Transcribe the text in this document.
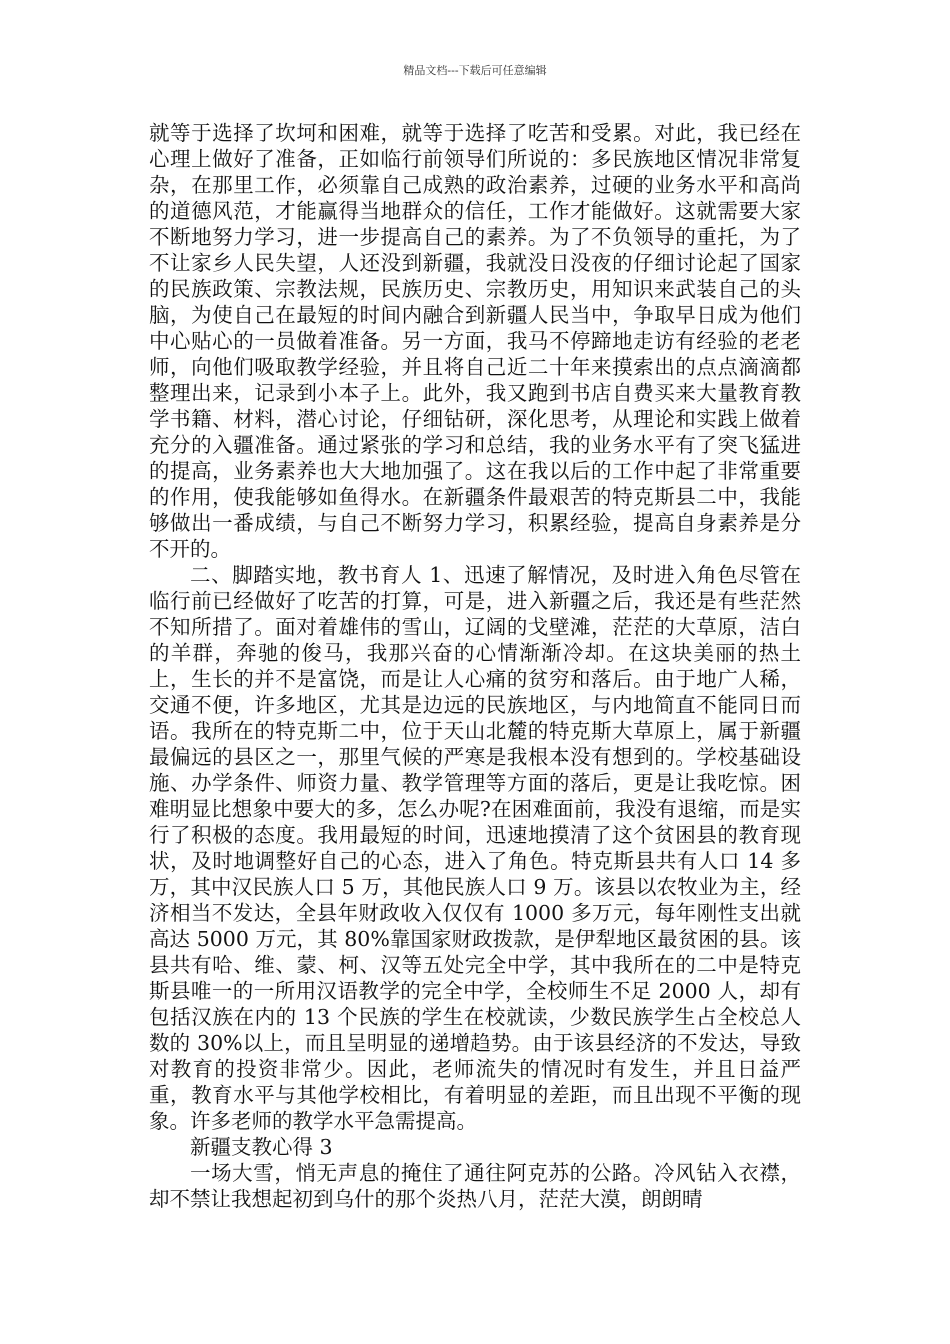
精品文档---下载后可任意编辑

就等于选择了坎坷和困难，就等于选择了吃苦和受累。对此，我已经在心理上做好了准备，正如临行前领导们所说的：多民族地区情况非常复杂，在那里工作，必须靠自己成熟的政治素养，过硬的业务水平和高尚的道德风范，才能赢得当地群众的信任，工作才能做好。这就需要大家不断地努力学习，进一步提高自己的素养。为了不负领导的重托，为了不让家乡人民失望，人还没到新疆，我就没日没夜的仔细讨论起了国家的民族政策、宗教法规，民族历史、宗教历史，用知识来武装自己的头脑，为使自己在最短的时间内融合到新疆人民当中，争取早日成为他们中心贴心的一员做着准备。另一方面，我马不停蹄地走访有经验的老老师，向他们吸取教学经验，并且将自己近二十年来摸索出的点点滴滴都整理出来，记录到小本子上。此外，我又跑到书店自费买来大量教育教学书籍、材料，潜心讨论，仔细钻研，深化思考，从理论和实践上做着充分的入疆准备。通过紧张的学习和总结，我的业务水平有了突飞猛进的提高，业务素养也大大地加强了。这在我以后的工作中起了非常重要的作用，使我能够如鱼得水。在新疆条件最艰苦的特克斯县二中，我能够做出一番成绩，与自己不断努力学习，积累经验，提高自身素养是分不开的。

二、脚踏实地，教书育人 1、迅速了解情况，及时进入角色尽管在临行前已经做好了吃苦的打算，可是，进入新疆之后，我还是有些茫然不知所措了。面对着雄伟的雪山，辽阔的戈壁滩，茫茫的大草原，洁白的羊群，奔驰的俊马，我那兴奋的心情渐渐冷却。在这块美丽的热土上，生长的并不是富饶，而是让人心痛的贫穷和落后。由于地广人稀，交通不便，许多地区，尤其是边远的民族地区，与内地简直不能同日而语。我所在的特克斯二中，位于天山北麓的特克斯大草原上，属于新疆最偏远的县区之一，那里气候的严寒是我根本没有想到的。学校基础设施、办学条件、师资力量、教学管理等方面的落后，更是让我吃惊。困难明显比想象中要大的多，怎么办呢?在困难面前，我没有退缩，而是实行了积极的态度。我用最短的时间，迅速地摸清了这个贫困县的教育现状，及时地调整好自己的心态，进入了角色。特克斯县共有人口 14 多万，其中汉民族人口 5 万，其他民族人口 9 万。该县以农牧业为主，经济相当不发达，全县年财政收入仅仅有 1000 多万元，每年刚性支出就高达 5000 万元，其 80%靠国家财政拨款，是伊犁地区最贫困的县。该县共有哈、维、蒙、柯、汉等五处完全中学，其中我所在的二中是特克斯县唯一的一所用汉语教学的完全中学，全校师生不足 2000 人，却有包括汉族在内的 13 个民族的学生在校就读，少数民族学生占全校总人数的 30%以上，而且呈明显的递增趋势。由于该县经济的不发达，导致对教育的投资非常少。因此，老师流失的情况时有发生，并且日益严重，教育水平与其他学校相比，有着明显的差距，而且出现不平衡的现象。许多老师的教学水平急需提高。

新疆支教心得 3

一场大雪，悄无声息的掩住了通往阿克苏的公路。冷风钻入衣襟，却不禁让我想起初到乌什的那个炎热八月，茫茫大漠，朗朗晴
